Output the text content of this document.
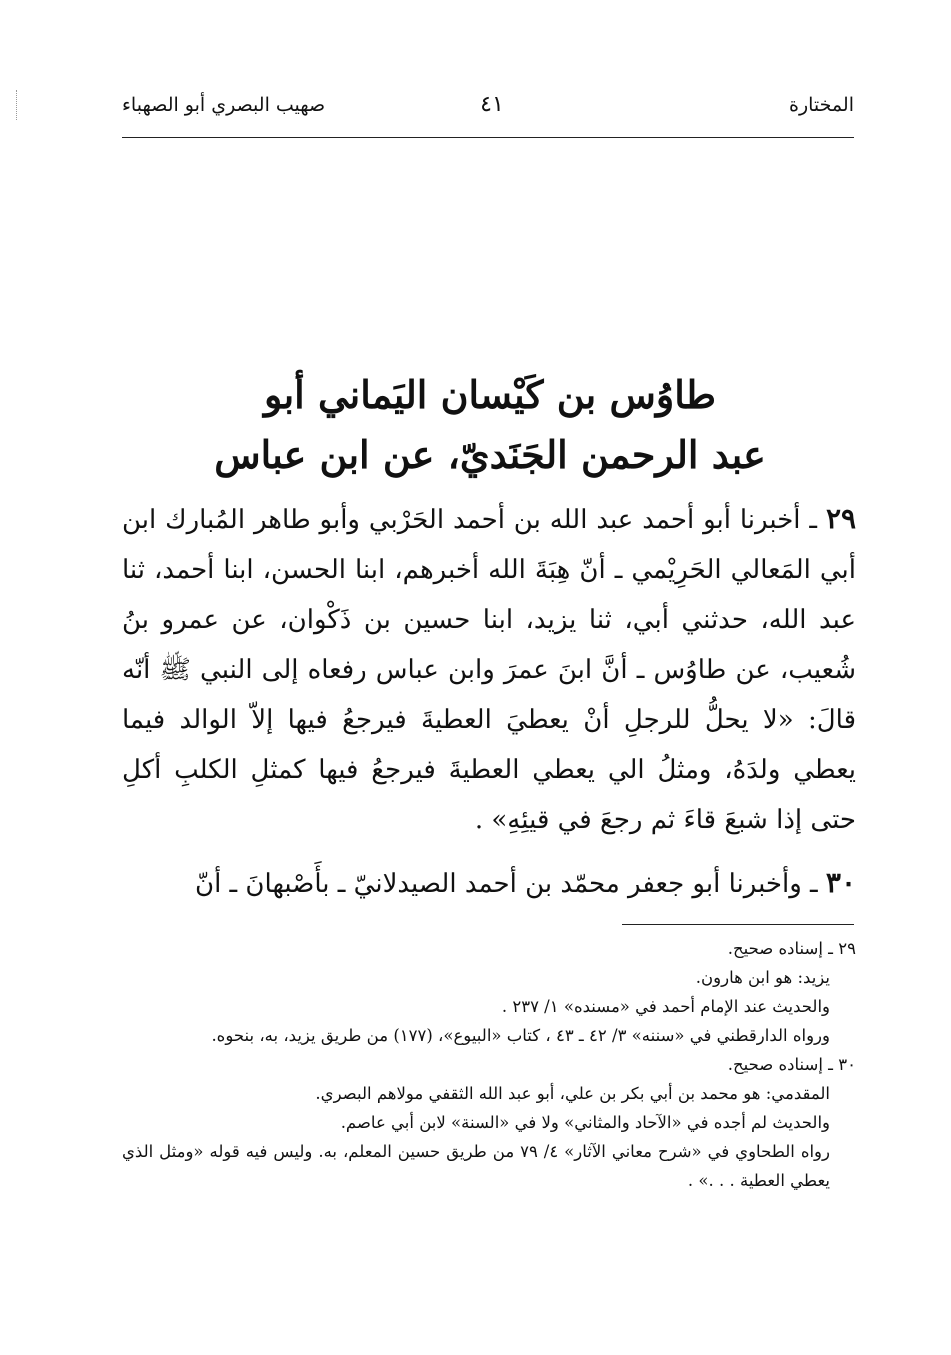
المختارة
٤١
صهيب البصري أبو الصهباء
طاوُس بن كَيْسان اليَماني أبو
عبد الرحمن الجَنَديّ، عن ابن عباس
٢٩ ـ أخبرنا أبو أحمد عبد الله بن أحمد الحَرْبي وأبو طاهر المُبارك ابن أبي المَعالي الحَرِيْمي ـ أنّ هِبَةَ الله أخبرهم، ابنا الحسن، ابنا أحمد، ثنا عبد الله، حدثني أبي، ثنا يزيد، ابنا حسين بن ذَكْوان، عن عمرو بنُ شُعيب، عن طاوُس ـ أنَّ ابنَ عمرَ وابن عباس رفعاه إلى النبي ﷺ أنّه قالَ: «لا يحلُّ للرجلِ أنْ يعطيَ العطيةَ فيرجعُ فيها إلاّ الوالد فيما يعطي ولدَهُ، ومثلُ الي يعطي العطيةَ فيرجعُ فيها كمثلِ الكلبِ أكلِ حتى إذا شبعَ قاءَ ثم رجعَ في قيئِهِ» .
٣٠ ـ وأخبرنا أبو جعفر محمّد بن أحمد الصيدلانيّ ـ بأَصْبهانَ ـ أنّ
٢٩ ـ إسناده صحيح.
يزيد: هو ابن هارون.
والحديث عند الإمام أحمد في «مسنده» ١/ ٢٣٧ .
ورواه الدارقطني في «سننه» ٣/ ٤٢ ـ ٤٣ ، كتاب «البيوع»، (١٧٧) من طريق يزيد، به، بنحوه.
٣٠ ـ إسناده صحيح.
المقدمي: هو محمد بن أبي بكر بن علي، أبو عبد الله الثقفي مولاهم البصري.
والحديث لم أجده في «الآحاد والمثاني» ولا في «السنة» لابن أبي عاصم.
رواه الطحاوي في «شرح معاني الآثار» ٤/ ٧٩ من طريق حسين المعلم، به. وليس فيه قوله «ومثل الذي يعطي العطية . . .» .
